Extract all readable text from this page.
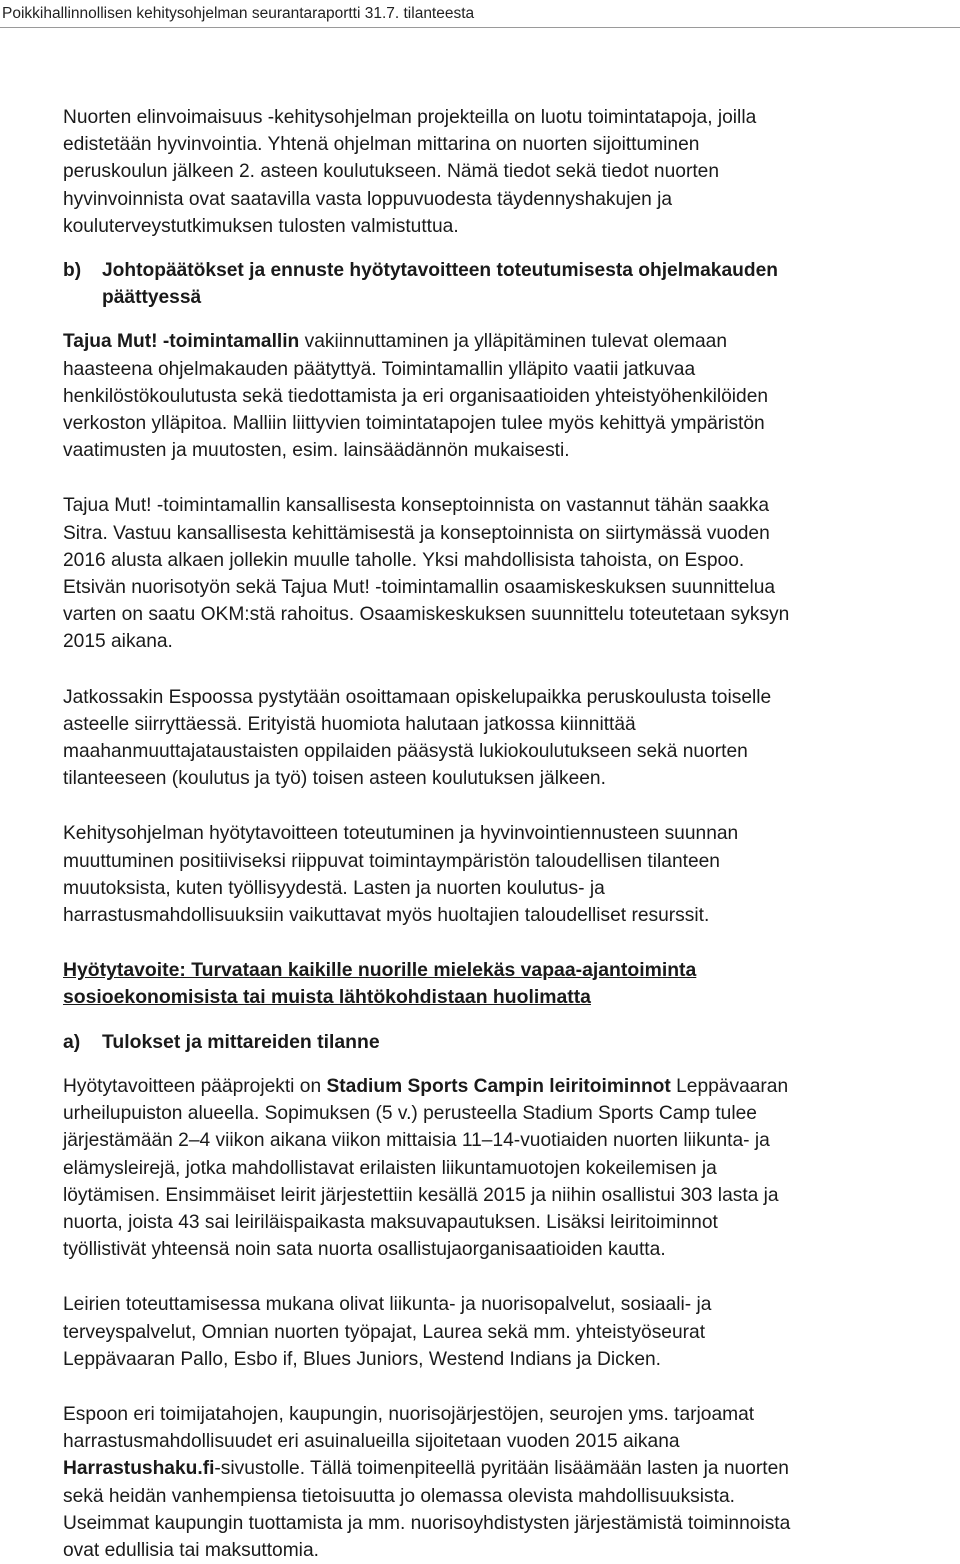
Poikkihallinnollisen kehitysohjelman seurantaraportti 31.7. tilanteesta

Nuorten elinvoimaisuus -kehitysohjelman projekteilla on luotu toimintatapoja, joilla
edistetään hyvinvointia. Yhtenä ohjelman mittarina on nuorten sijoittuminen
peruskoulun jälkeen 2. asteen koulutukseen. Nämä tiedot sekä tiedot nuorten
hyvinvoinnista ovat saatavilla vasta loppuvuodesta täydennyshakujen ja
kouluterveystutkimuksen tulosten valmistuttua.

b) Johtopäätökset ja ennuste hyötytavoitteen toteutumisesta ohjelmakauden
päättyessä

Tajua Mut! -toimintamallin vakiinnuttaminen ja ylläpitäminen tulevat olemaan
haasteena ohjelmakauden päätyttyä. Toimintamallin ylläpito vaatii jatkuvaa
henkilöstökoulutusta sekä tiedottamista ja eri organisaatioiden yhteistyöhenkilöiden
verkoston ylläpitoa. Malliin liittyvien toimintatapojen tulee myös kehittyä ympäristön
vaatimusten ja muutosten, esim. lainsäädännön mukaisesti.

Tajua Mut! -toimintamallin kansallisesta konseptoinnista on vastannut tähän saakka
Sitra. Vastuu kansallisesta kehittämisestä ja konseptoinnista on siirtymässä vuoden
2016 alusta alkaen jollekin muulle taholle. Yksi mahdollisista tahoista, on Espoo.
Etsivän nuorisotyön sekä Tajua Mut! -toimintamallin osaamiskeskuksen suunnittelua
varten on saatu OKM:stä rahoitus. Osaamiskeskuksen suunnittelu toteutetaan syksyn
2015 aikana.

Jatkossakin Espoossa pystytään osoittamaan opiskelupaikka peruskoulusta toiselle
asteelle siirryttäessä. Erityistä huomiota halutaan jatkossa kiinnittää
maahanmuuttajataustaisten oppilaiden pääsystä lukiokoulutukseen sekä nuorten
tilanteeseen (koulutus ja työ) toisen asteen koulutuksen jälkeen.

Kehitysohjelman hyötytavoitteen toteutuminen ja hyvinvointiennusteen suunnan
muuttuminen positiiviseksi riippuvat toimintaympäristön taloudellisen tilanteen
muutoksista, kuten työllisyydestä. Lasten ja nuorten koulutus- ja
harrastusmahdollisuuksiin vaikuttavat myös huoltajien taloudelliset resurssit.

Hyötytavoite: Turvataan kaikille nuorille mielekäs vapaa-ajantoiminta
sosioekonomisista tai muista lähtökohdistaan huolimatta

a) Tulokset ja mittareiden tilanne

Hyötytavoitteen pääprojekti on Stadium Sports Campin leiritoiminnot Leppävaaran
urheilupuiston alueella. Sopimuksen (5 v.) perusteella Stadium Sports Camp tulee
järjestämään 2–4 viikon aikana viikon mittaisia 11–14-vuotiaiden nuorten liikunta- ja
elämysleirejä, jotka mahdollistavat erilaisten liikuntamuotojen kokeilemisen ja
löytämisen. Ensimmäiset leirit järjestettiin kesällä 2015 ja niihin osallistui 303 lasta ja
nuorta, joista 43 sai leiriläispaikasta maksuvapautuksen. Lisäksi leiritoiminnot
työllistivät yhteensä noin sata nuorta osallistujaorganisaatioiden kautta.

Leirien toteuttamisessa mukana olivat liikunta- ja nuorisopalvelut, sosiaali- ja
terveyspalvelut, Omnian nuorten työpajat, Laurea sekä mm. yhteistyöseurat
Leppävaaran Pallo, Esbo if, Blues Juniors, Westend Indians ja Dicken.

Espoon eri toimijatahojen, kaupungin, nuorisojärjestöjen, seurojen yms. tarjoamat
harrastusmahdollisuudet eri asuinalueilla sijoitetaan vuoden 2015 aikana
Harrastushaku.fi-sivustolle. Tällä toimenpiteellä pyritään lisäämään lasten ja nuorten
sekä heidän vanhempiensa tietoisuutta jo olemassa olevista mahdollisuuksista.
Useimmat kaupungin tuottamista ja mm. nuorisoyhdistysten järjestämistä toiminnoista
ovat edullisia tai maksuttomia.
